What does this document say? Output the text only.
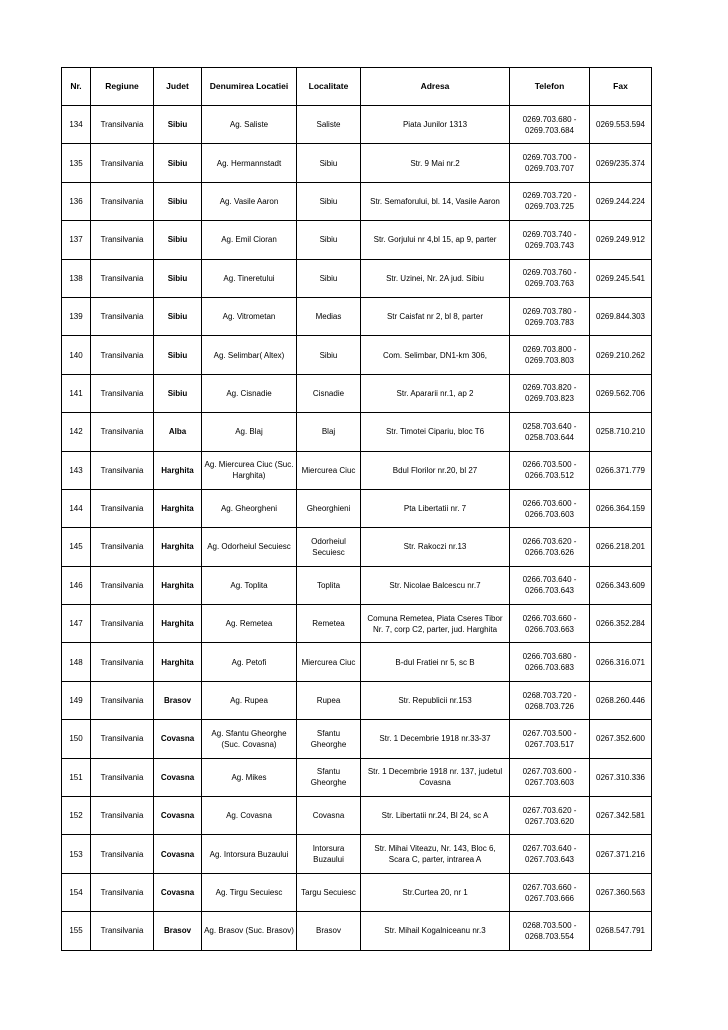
Nr.	Regiune	Judet	Denumirea Locatiei	Localitate	Adresa	Telefon	Fax
134	Transilvania	Sibiu	Ag. Saliste	Saliste	Piata Junilor 1313	0269.703.680 - 0269.703.684	0269.553.594
135	Transilvania	Sibiu	Ag. Hermannstadt	Sibiu	Str. 9 Mai nr.2	0269.703.700 - 0269.703.707	0269/235.374
136	Transilvania	Sibiu	Ag. Vasile Aaron	Sibiu	Str. Semaforului, bl. 14, Vasile Aaron	0269.703.720 - 0269.703.725	0269.244.224
137	Transilvania	Sibiu	Ag. Emil Cioran	Sibiu	Str. Gorjului nr 4,bl 15, ap 9, parter	0269.703.740 - 0269.703.743	0269.249.912
138	Transilvania	Sibiu	Ag. Tineretului	Sibiu	Str. Uzinei, Nr. 2A jud. Sibiu	0269.703.760 - 0269.703.763	0269.245.541
139	Transilvania	Sibiu	Ag. Vitrometan	Medias	Str Caisfat nr 2, bl 8, parter	0269.703.780 - 0269.703.783	0269.844.303
140	Transilvania	Sibiu	Ag. Selimbar( Altex)	Sibiu	Com. Selimbar, DN1-km 306,	0269.703.800 - 0269.703.803	0269.210.262
141	Transilvania	Sibiu	Ag. Cisnadie	Cisnadie	Str. Apararii nr.1, ap 2	0269.703.820 - 0269.703.823	0269.562.706
142	Transilvania	Alba	Ag. Blaj	Blaj	Str. Timotei Cipariu, bloc T6	0258.703.640 - 0258.703.644	0258.710.210
143	Transilvania	Harghita	Ag. Miercurea Ciuc (Suc. Harghita)	Miercurea Ciuc	Bdul Florilor nr.20, bl 27	0266.703.500 - 0266.703.512	0266.371.779
144	Transilvania	Harghita	Ag. Gheorgheni	Gheorghieni	Pta Libertatii nr. 7	0266.703.600 - 0266.703.603	0266.364.159
145	Transilvania	Harghita	Ag. Odorheiul Secuiesc	Odorheiul Secuiesc	Str. Rakoczi nr.13	0266.703.620 - 0266.703.626	0266.218.201
146	Transilvania	Harghita	Ag. Toplita	Toplita	Str. Nicolae Balcescu nr.7	0266.703.640 - 0266.703.643	0266.343.609
147	Transilvania	Harghita	Ag. Remetea	Remetea	Comuna Remetea, Piata Cseres Tibor Nr. 7, corp C2, parter, jud. Harghita	0266.703.660 - 0266.703.663	0266.352.284
148	Transilvania	Harghita	Ag. Petofi	Miercurea Ciuc	B-dul Fratiei nr 5, sc B	0266.703.680 - 0266.703.683	0266.316.071
149	Transilvania	Brasov	Ag. Rupea	Rupea	Str. Republicii nr.153	0268.703.720 - 0268.703.726	0268.260.446
150	Transilvania	Covasna	Ag. Sfantu Gheorghe (Suc. Covasna)	Sfantu Gheorghe	Str. 1 Decembrie 1918 nr.33-37	0267.703.500 - 0267.703.517	0267.352.600
151	Transilvania	Covasna	Ag. Mikes	Sfantu Gheorghe	Str. 1 Decembrie 1918 nr. 137, judetul Covasna	0267.703.600 - 0267.703.603	0267.310.336
152	Transilvania	Covasna	Ag. Covasna	Covasna	Str. Libertatii nr.24, Bl 24, sc A	0267.703.620 - 0267.703.620	0267.342.581
153	Transilvania	Covasna	Ag. Intorsura Buzaului	Intorsura Buzaului	Str. Mihai Viteazu, Nr. 143, Bloc 6, Scara C, parter, intrarea A	0267.703.640 - 0267.703.643	0267.371.216
154	Transilvania	Covasna	Ag. Tirgu Secuiesc	Targu Secuiesc	Str.Curtea 20, nr 1	0267.703.660 - 0267.703.666	0267.360.563
155	Transilvania	Brasov	Ag. Brasov (Suc. Brasov)	Brasov	Str. Mihail Kogalniceanu nr.3	0268.703.500 - 0268.703.554	0268.547.791
